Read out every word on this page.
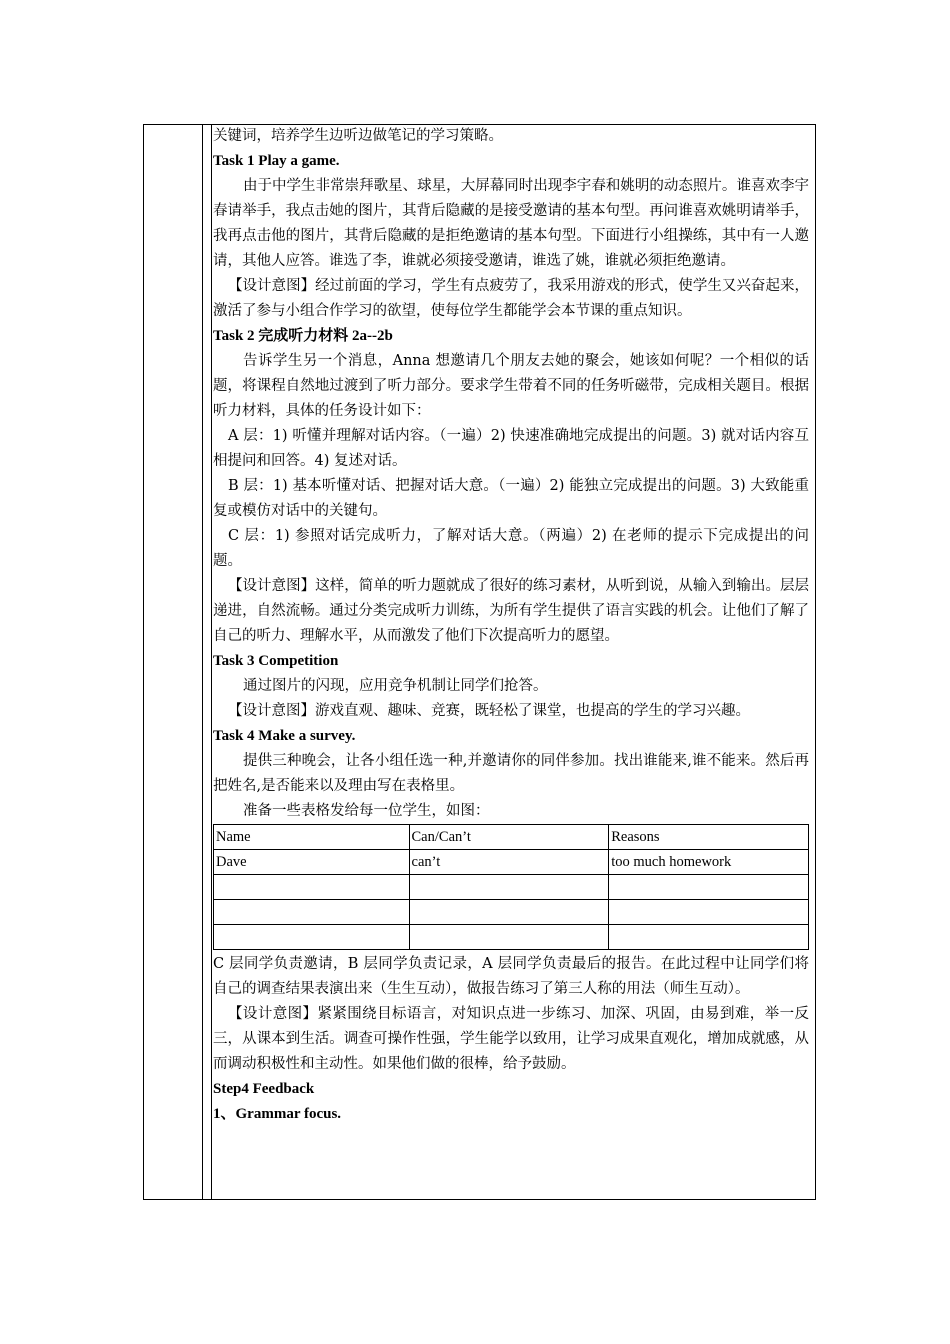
关键词，培养学生边听边做笔记的学习策略。

Task 1 Play a game.

由于中学生非常崇拜歌星、球星，大屏幕同时出现李宇春和姚明的动态照片。谁喜欢李宇春请举手，我点击她的图片，其背后隐藏的是接受邀请的基本句型。再问谁喜欢姚明请举手，我再点击他的图片，其背后隐藏的是拒绝邀请的基本句型。下面进行小组操练，其中有一人邀请，其他人应答。谁选了李，谁就必须接受邀请，谁选了姚，谁就必须拒绝邀请。

【设计意图】经过前面的学习，学生有点疲劳了，我采用游戏的形式，使学生又兴奋起来，激活了参与小组合作学习的欲望，使每位学生都能学会本节课的重点知识。

Task 2 完成听力材料 2a--2b

告诉学生另一个消息，Anna 想邀请几个朋友去她的聚会，她该如何呢？一个相似的话题，将课程自然地过渡到了听力部分。要求学生带着不同的任务听磁带，完成相关题目。根据听力材料，具体的任务设计如下：

A 层：1) 听懂并理解对话内容。（一遍）2) 快速准确地完成提出的问题。3) 就对话内容互相提问和回答。4) 复述对话。

B 层：1) 基本听懂对话、把握对话大意。（一遍）2) 能独立完成提出的问题。3) 大致能重复或模仿对话中的关键句。

C 层：1) 参照对话完成听力，了解对话大意。（两遍）2) 在老师的提示下完成提出的问题。

【设计意图】这样，简单的听力题就成了很好的练习素材，从听到说，从输入到输出。层层递进，自然流畅。通过分类完成听力训练，为所有学生提供了语言实践的机会。让他们了解了自己的听力、理解水平，从而激发了他们下次提高听力的愿望。

Task 3 Competition

通过图片的闪现，应用竞争机制让同学们抢答。

【设计意图】游戏直观、趣味、竞赛，既轻松了课堂，也提高的学生的学习兴趣。

Task 4 Make a survey.

提供三种晚会，让各小组任选一种,并邀请你的同伴参加。找出谁能来,谁不能来。然后再把姓名,是否能来以及理由写在表格里。

准备一些表格发给每一位学生，如图：

Name	Can/Can’t	Reasons
Dave	can’t	too much homework

C 层同学负责邀请，B 层同学负责记录，A 层同学负责最后的报告。在此过程中让同学们将自己的调查结果表演出来（生生互动），做报告练习了第三人称的用法（师生互动）。

【设计意图】紧紧围绕目标语言，对知识点进一步练习、加深、巩固，由易到难，举一反三，从课本到生活。调查可操作性强，学生能学以致用，让学习成果直观化，增加成就感，从而调动积极性和主动性。如果他们做的很棒，给予鼓励。

Step4 Feedback

1、Grammar focus.
